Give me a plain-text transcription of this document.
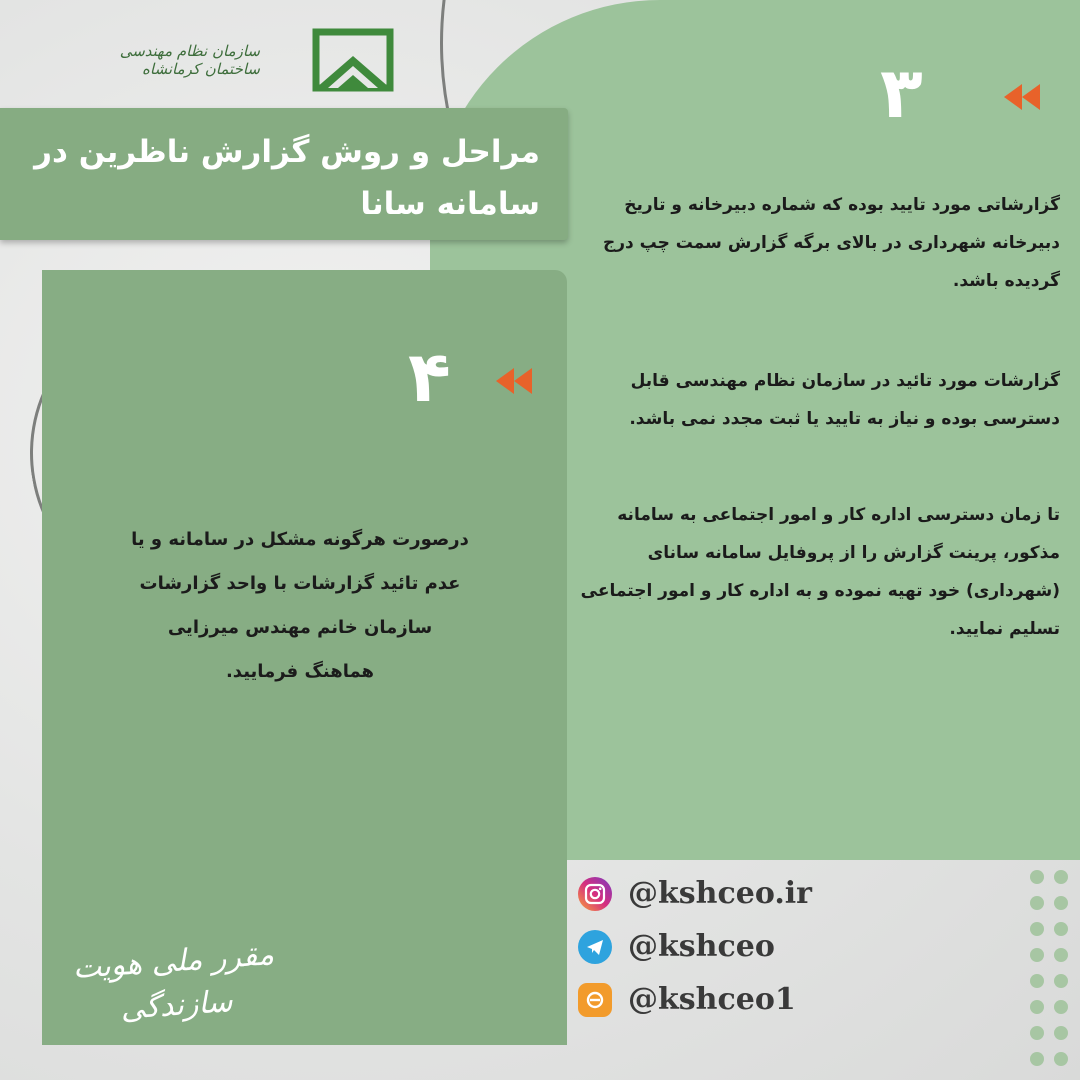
سازمان نظام مهندسی ساختمان کرمانشاه
مراحل و روش گزارش ناظرین در سامانه سانا
۳
گزارشاتی مورد تایید بوده که شماره دبیرخانه و تاریخ دبیرخانه شهرداری در بالای برگه گزارش سمت چپ درج گردیده باشد.
گزارشات مورد تائید در سازمان نظام مهندسی قابل دسترسی بوده و نیاز به تایید یا ثبت مجدد نمی باشد.
تا زمان دسترسی اداره کار و امور اجتماعی به سامانه مذکور، پرینت گزارش را از پروفایل سامانه سانای (شهرداری) خود تهیه نموده و به اداره کار و امور اجتماعی تسلیم نمایید.
۴
درصورت هرگونه مشکل در سامانه و یا عدم تائید گزارشات با واحد گزارشات سازمان خانم مهندس میرزایی هماهنگ فرمایید.
مقرر ملی هویت سازندگی
@kshceo.ir
@kshceo
@kshceo1
